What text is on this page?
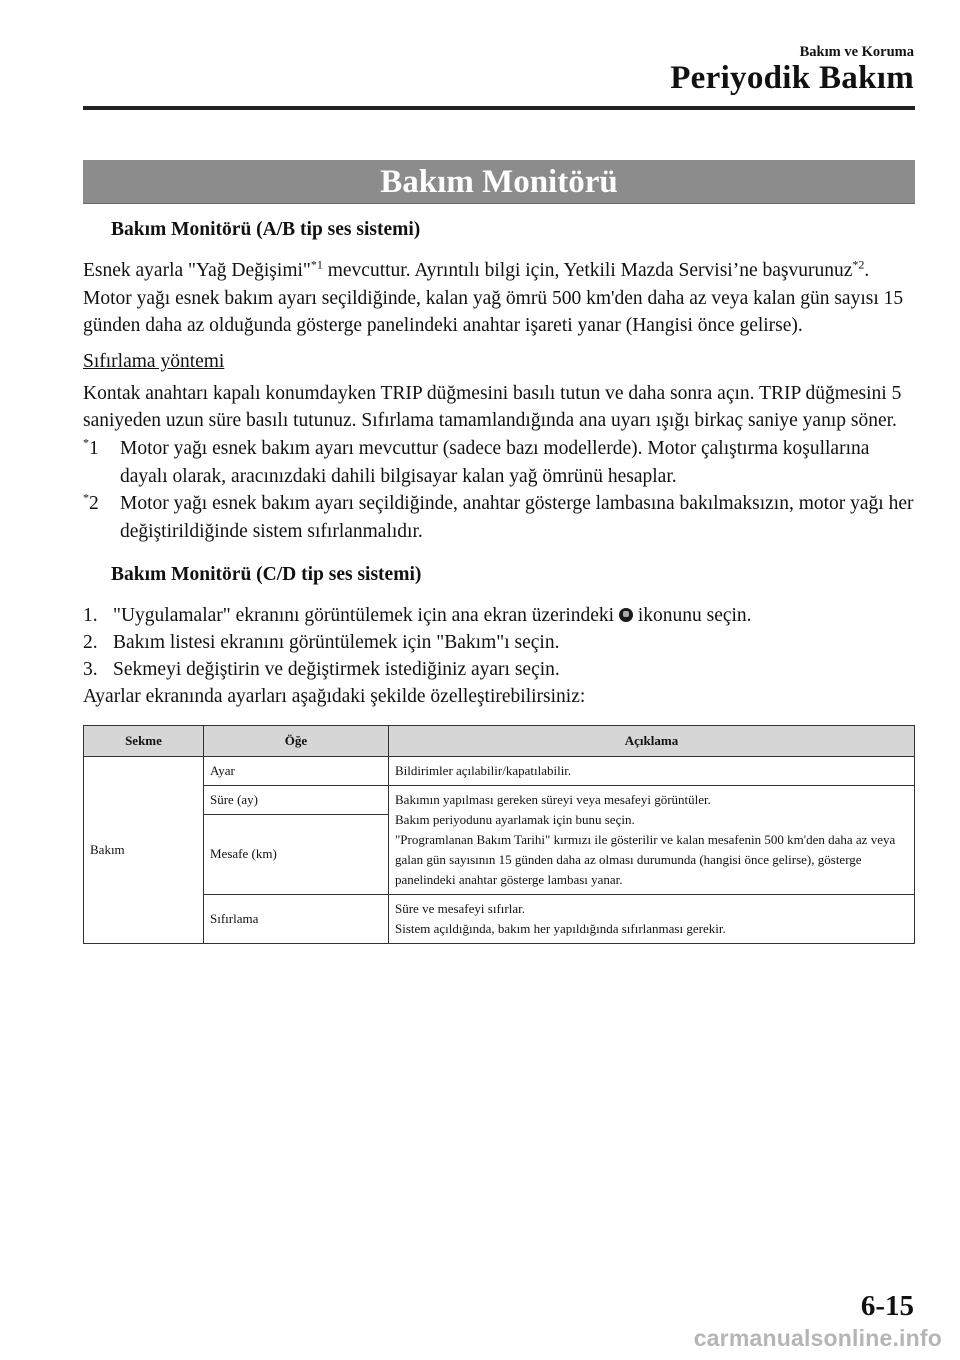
Bakım ve Koruma
Periyodik Bakım
Bakım Monitörü
Bakım Monitörü (A/B tip ses sistemi)

Esnek ayarla "Yağ Değişimi"$^{*1}$ mevcuttur. Ayrıntılı bilgi için, Yetkili Mazda Servisi’ne başvurunuz$^{*2}$. Motor yağı esnek bakım ayarı seçildiğinde, kalan yağ ömrü 500 km'den daha az veya kalan gün sayısı 15 günden daha az olduğunda gösterge panelindeki anahtar işareti yanar (Hangisi önce gelirse).

Sıfırlama yöntemi

Kontak anahtarı kapalı konumdayken TRIP düğmesini basılı tutun ve daha sonra açın. TRIP düğmesini 5 saniyeden uzun süre basılı tutunuz. Sıfırlama tamamlandığında ana uyarı ışığı birkaç saniye yanıp söner.

*1 Motor yağı esnek bakım ayarı mevcuttur (sadece bazı modellerde). Motor çalıştırma koşullarına dayalı olarak, aracınızdaki dahili bilgisayar kalan yağ ömrünü hesaplar.

*2 Motor yağı esnek bakım ayarı seçildiğinde, anahtar gösterge lambasına bakılmaksızın, motor yağı her değiştirildiğinde sistem sıfırlanmalıdır.

Bakım Monitörü (C/D tip ses sistemi)
1. "Uygulamalar" ekranını görüntülemek için ana ekran üzerindeki  ikonunu seçin.
2. Bakım listesi ekranını görüntülemek için "Bakım"ı seçin.
3. Sekmeyi değiştirin ve değiştirmek istediğiniz ayarı seçin.

Ayarlar ekranında ayarları aşağıdaki şekilde özelleştirebilirsiniz:

Sekme	Öğe	Açıklama
Bakım	Ayar	Bildirimler açılabilir/kapatılabilir.
	Süre (ay)	Bakımın yapılması gereken süreyi veya mesafeyi görüntüler.
Bakım periyodunu ayarlamak için bunu seçin.
"Programlanan Bakım Tarihi" kırmızı ile gösterilir ve kalan mesafenin 500 km'den daha az veya galan gün sayısının 15 günden daha az olması durumunda (hangisi önce gelirse), gösterge panelindeki anahtar gösterge lambası yanar.

	Mesafe (km)	
	Sıfırlama	Süre ve mesafeyi sıfırlar.
Sistem açıldığında, bakım her yapıldığında sıfırlanması gerekir.
6-15
carmanualsonline.info
